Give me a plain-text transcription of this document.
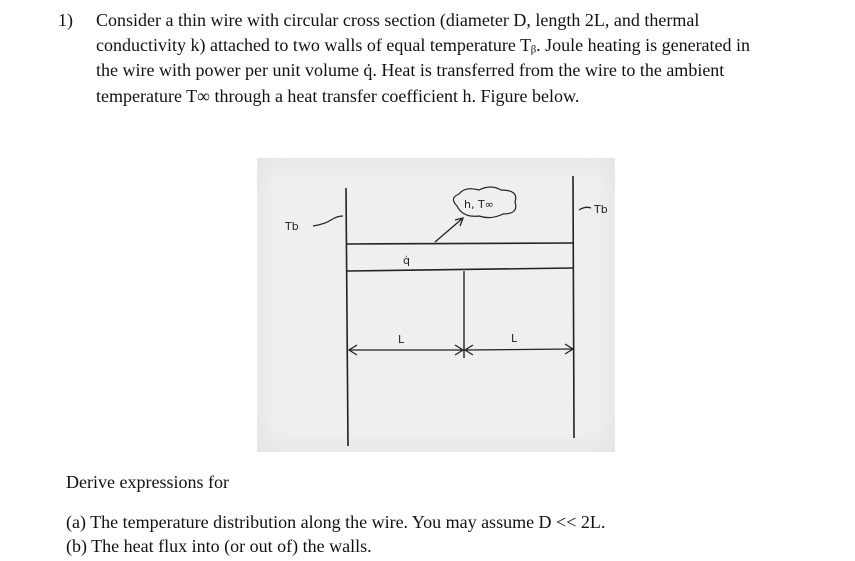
1) Consider a thin wire with circular cross section (diameter D, length 2L, and thermal
conductivity k) attached to two walls of equal temperature Tᵦ. Joule heating is generated in
the wire with power per unit volume q̇. Heat is transferred from the wire to the ambient
temperature T∞ through a heat transfer coefficient h. Figure below.
Tb
Tb
h, T∞
q̇
L	L
Derive expressions for
(a) The temperature distribution along the wire. You may assume D << 2L.
(b) The heat flux into (or out of) the walls.
